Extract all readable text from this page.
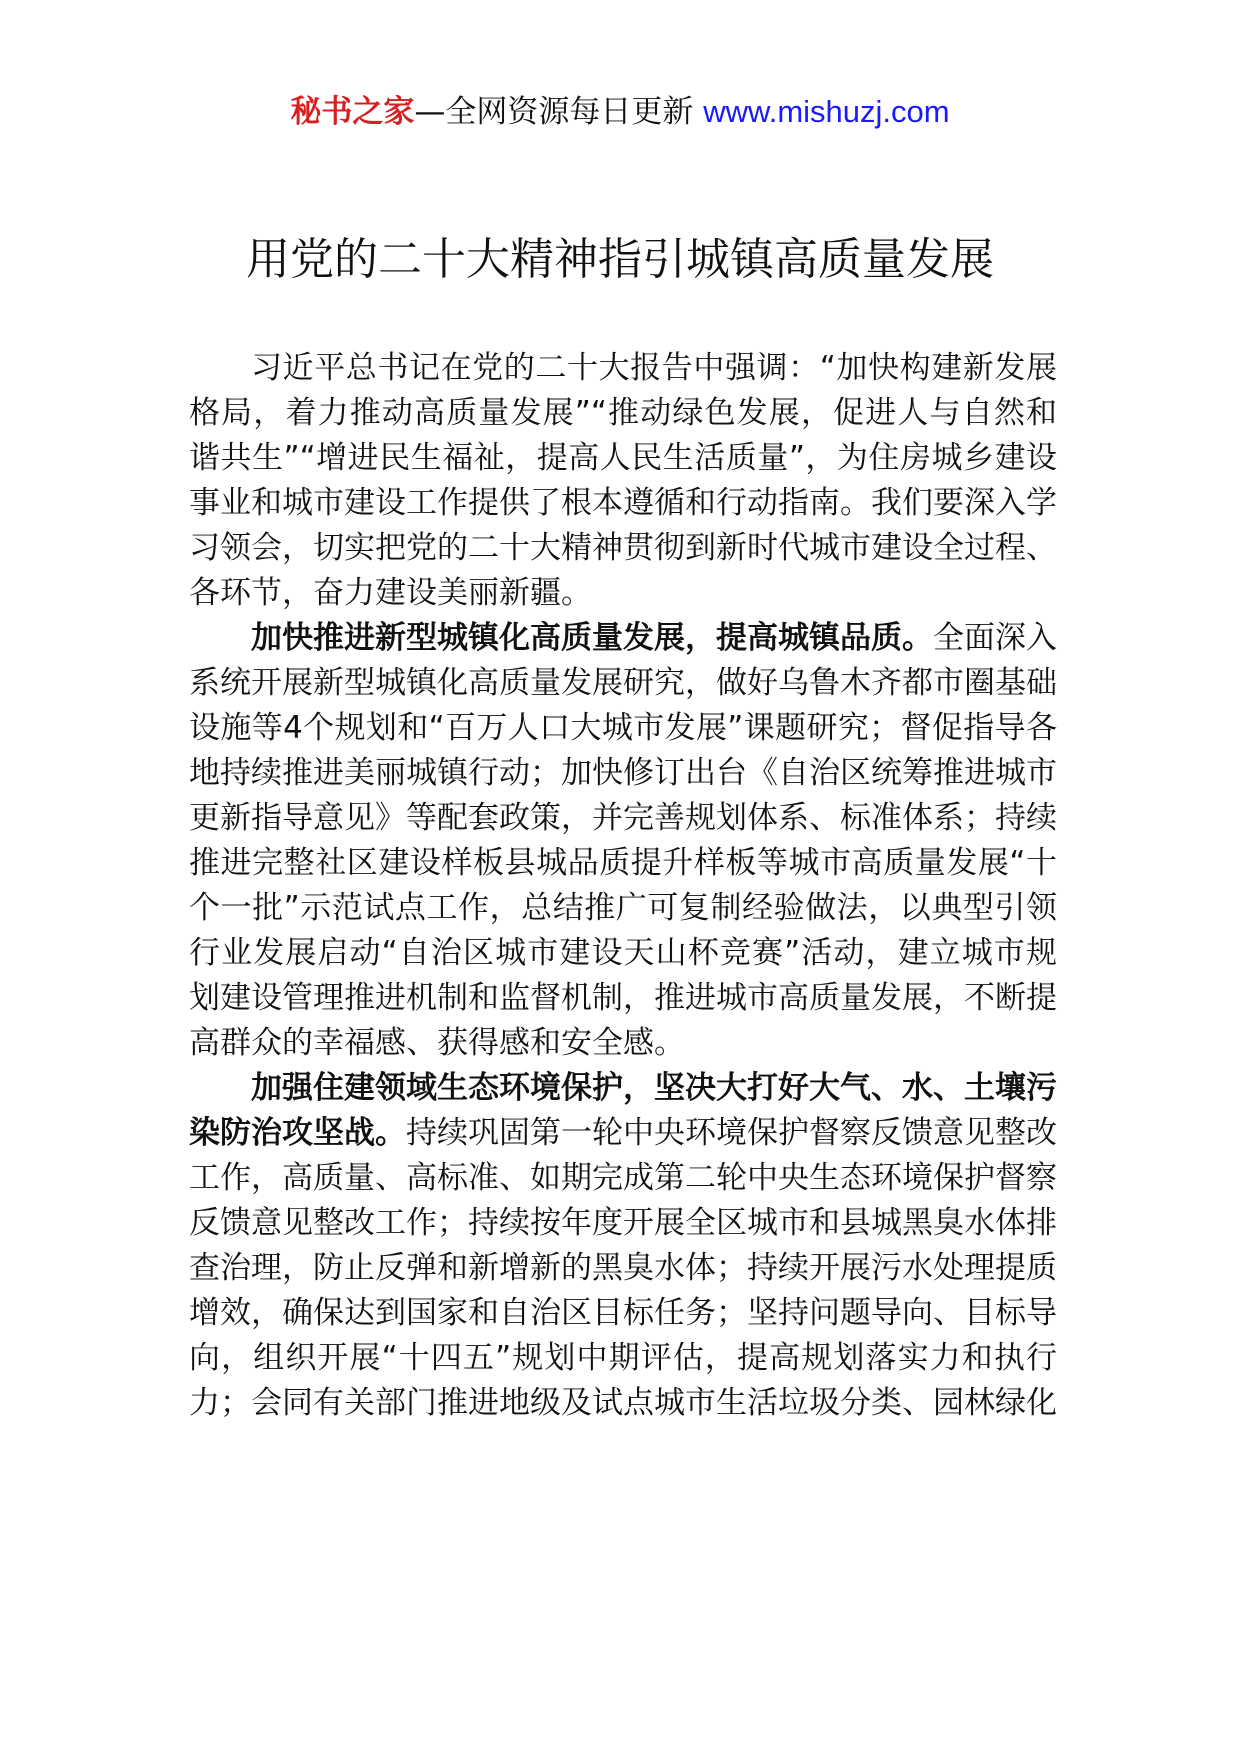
秘书之家—全网资源每日更新 www.mishuzj.com
用党的二十大精神指引城镇高质量发展

习近平总书记在党的二十大报告中强调：“加快构建新发展格局，着力推动高质量发展”“推动绿色发展，促进人与自然和谐共生”“增进民生福祉，提高人民生活质量”，为住房城乡建设事业和城市建设工作提供了根本遵循和行动指南。我们要深入学习领会，切实把党的二十大精神贯彻到新时代城市建设全过程、各环节，奋力建设美丽新疆。

加快推进新型城镇化高质量发展，提高城镇品质。全面深入系统开展新型城镇化高质量发展研究，做好乌鲁木齐都市圈基础设施等4个规划和“百万人口大城市发展”课题研究；督促指导各地持续推进美丽城镇行动；加快修订出台《自治区统筹推进城市更新指导意见》等配套政策，并完善规划体系、标准体系；持续推进完整社区建设样板县城品质提升样板等城市高质量发展“十个一批”示范试点工作，总结推广可复制经验做法，以典型引领行业发展启动“自治区城市建设天山杯竞赛”活动，建立城市规划建设管理推进机制和监督机制，推进城市高质量发展，不断提高群众的幸福感、获得感和安全感。

加强住建领域生态环境保护，坚决大打好大气、水、土壤污染防治攻坚战。持续巩固第一轮中央环境保护督察反馈意见整改工作，高质量、高标准、如期完成第二轮中央生态环境保护督察反馈意见整改工作；持续按年度开展全区城市和县城黑臭水体排查治理，防止反弹和新增新的黑臭水体；持续开展污水处理提质增效，确保达到国家和自治区目标任务；坚持问题导向、目标导向，组织开展“十四五”规划中期评估，提高规划落实力和执行力；会同有关部门推进地级及试点城市生活垃圾分类、园林绿化
